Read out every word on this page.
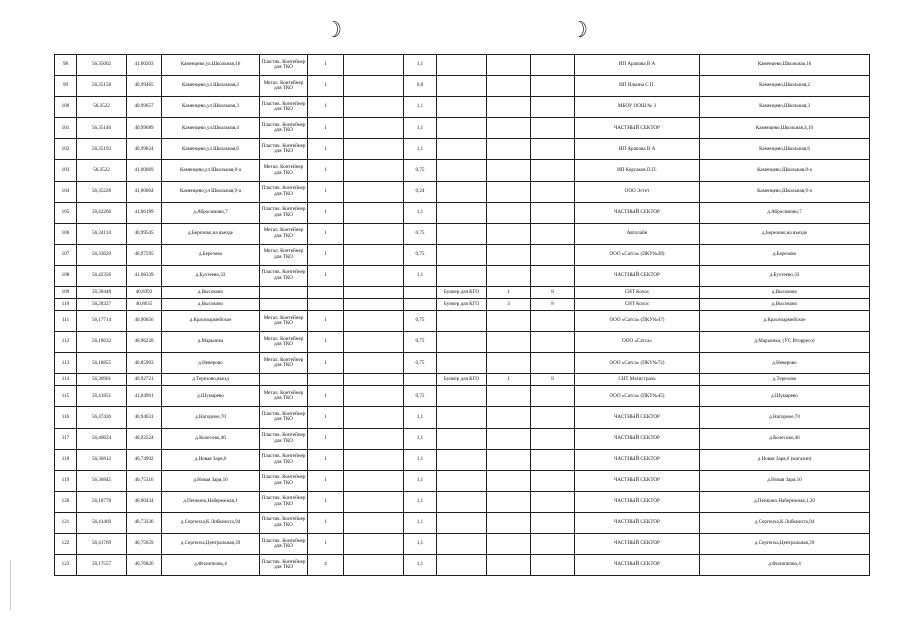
☽	☽
98	56,35002	41,00203	Каменцево,ул.Школьная,16	Пластик. Контейнер для ТКО	1		1,1				ИП Арапова В А	Каменцево,Школьная,16
99	56,35158	40,99465	Каменцево,ул Школьная,2	Метал. Контейнер для ТКО	1		0,8				ИП Ильина С П.	Каменцево,Школьная,2
100	56,3522	40,99657	Каменцево,ул Школьная,3	Пластик. Контейнер для ТКО	1		1,1				МБОУ ООШ № 3	Каменцево,Школьная,3
101	56,35146	40,99689	Каменцево,ул.Школьная,4	Пластик. Контейнер для ТКО	1		1,1				ЧАСТНЫЙ СЕКТОР	Каменцево,Школьная,4,10
102	56,35193	40,99824	Каменцево,ул Школьная,6	Пластик. Контейнер для ТКО	1		1,1				ИП Арапова В А	Каменцево,Школьная,6
103	56,3522	41,00069	Каменцево,ул Школьная,8-а	Метал. Контейнер для ТКО	1		0,75				ИП Корсаков П.П.	Каменцево,Школьная,8-а
104	56,35228	41,00004	Каменцево,ул Школьная,9-а	Пластик. Контейнер для ТКО	1		0,24				ООО Эстет	Каменцево,Школьная,9-а
105	56,42266	41,06189	д.Абросимово,7	Пластик. Контейнер для ТКО	1		1,1				ЧАСТНЫЙ СЕКТОР	д.Абросимово,7
106	56,34114	40,99545	д.Березово,на въезде	Метал. Контейнер для ТКО	1		0,75				Автолайн	д.Березово,на въезде
107	56,33629	40,97595	д.Березово	Метал. Контейнер для ТКО	1		0,75				ООО «Сатса» (ПКУ№28)	д.Березово
108	56,42356	41,08339	д.Бухтеево,33	Пластик. Контейнер для ТКО	1		1,1				ЧАСТНЫЙ СЕКТОР	д.Бухтеево,33
109	56,30448	40,8392	д.Высоково					Бункер для КГО	1	8	СНТ Колос	д.Высоково
110	56,28327	40,8635	д.Высоково					Бункер для КГО	3	8	СНТ Колос	д.Высоково
111	56,17714	40,90056	д.Красноармейское	Метал. Контейнер для ТКО	1		0,75				ООО «Сатса» (ПКУ№47)	д.Красноармейское
112	56,18632	40,96228	д.Марьинка	Метал. Контейнер для ТКО	1		0,75				ООО «Сатса»	д.Марьинка, (УС Вторресо)
113	56,18855	40,85903	д.Неверово	Метал. Контейнер для ТКО	1		0,75				ООО «Сатса» (ПКУ№72)	д.Неверово
114	56,30901	40,92721	д.Терехово,въезд					Бункер для КГО	1	8	СНТ Магистраль	д.Терехово
115	56,41851	41,04901	д.Шумарево	Метал. Контейнер для ТКО	1		0,75				ООО «Сатса» (ПКУ№45)	д.Шумарево
116	56,47426	40,94631	д.Нагорное,70	Пластик. Контейнер для ТКО	1		1,1				ЧАСТНЫЙ СЕКТОР	д.Нагорное,70
117	56,40624	40,92524	д.Колесово,46	Пластик. Контейнер для ТКО	1		1,1				ЧАСТНЫЙ СЕКТОР	д.Колесово,46
118	56,36812	40,74902	д.Новая Заря,6	Пластик. Контейнер для ТКО	1		1,1				ЧАСТНЫЙ СЕКТОР	д.Новая Заря,6 (магазин)
119	56,36845	40,75316	д.Новая Заря,10	Пластик. Контейнер для ТКО	1		1,1				ЧАСТНЫЙ СЕКТОР	д.Новая Заря,10
120	56,18778	40,90434	д.Пенкино,Набережная,1	Пластик. Контейнер для ТКО	1		1,1				ЧАСТНЫЙ СЕКТОР	д.Пенкино,Набережная,1,20
121	56,41469	40,73336	д.Сергеиха,К Либкнехта,94	Пластик. Контейнер для ТКО	1		1,1				ЧАСТНЫЙ СЕКТОР	д.Сергеиха,К Либкнехта,94
122	56,41769	40,75859	д.Сергеиха,Центральная,39	Пластик. Контейнер для ТКО	1		1,1				ЧАСТНЫЙ СЕКТОР	д.Сергеиха,Центральная,39
123	56,17557	40,76826	д.Филиппово,4	Пластик. Контейнер для ТКО	4		1,1				ЧАСТНЫЙ СЕКТОР	д.Филиппово,4
